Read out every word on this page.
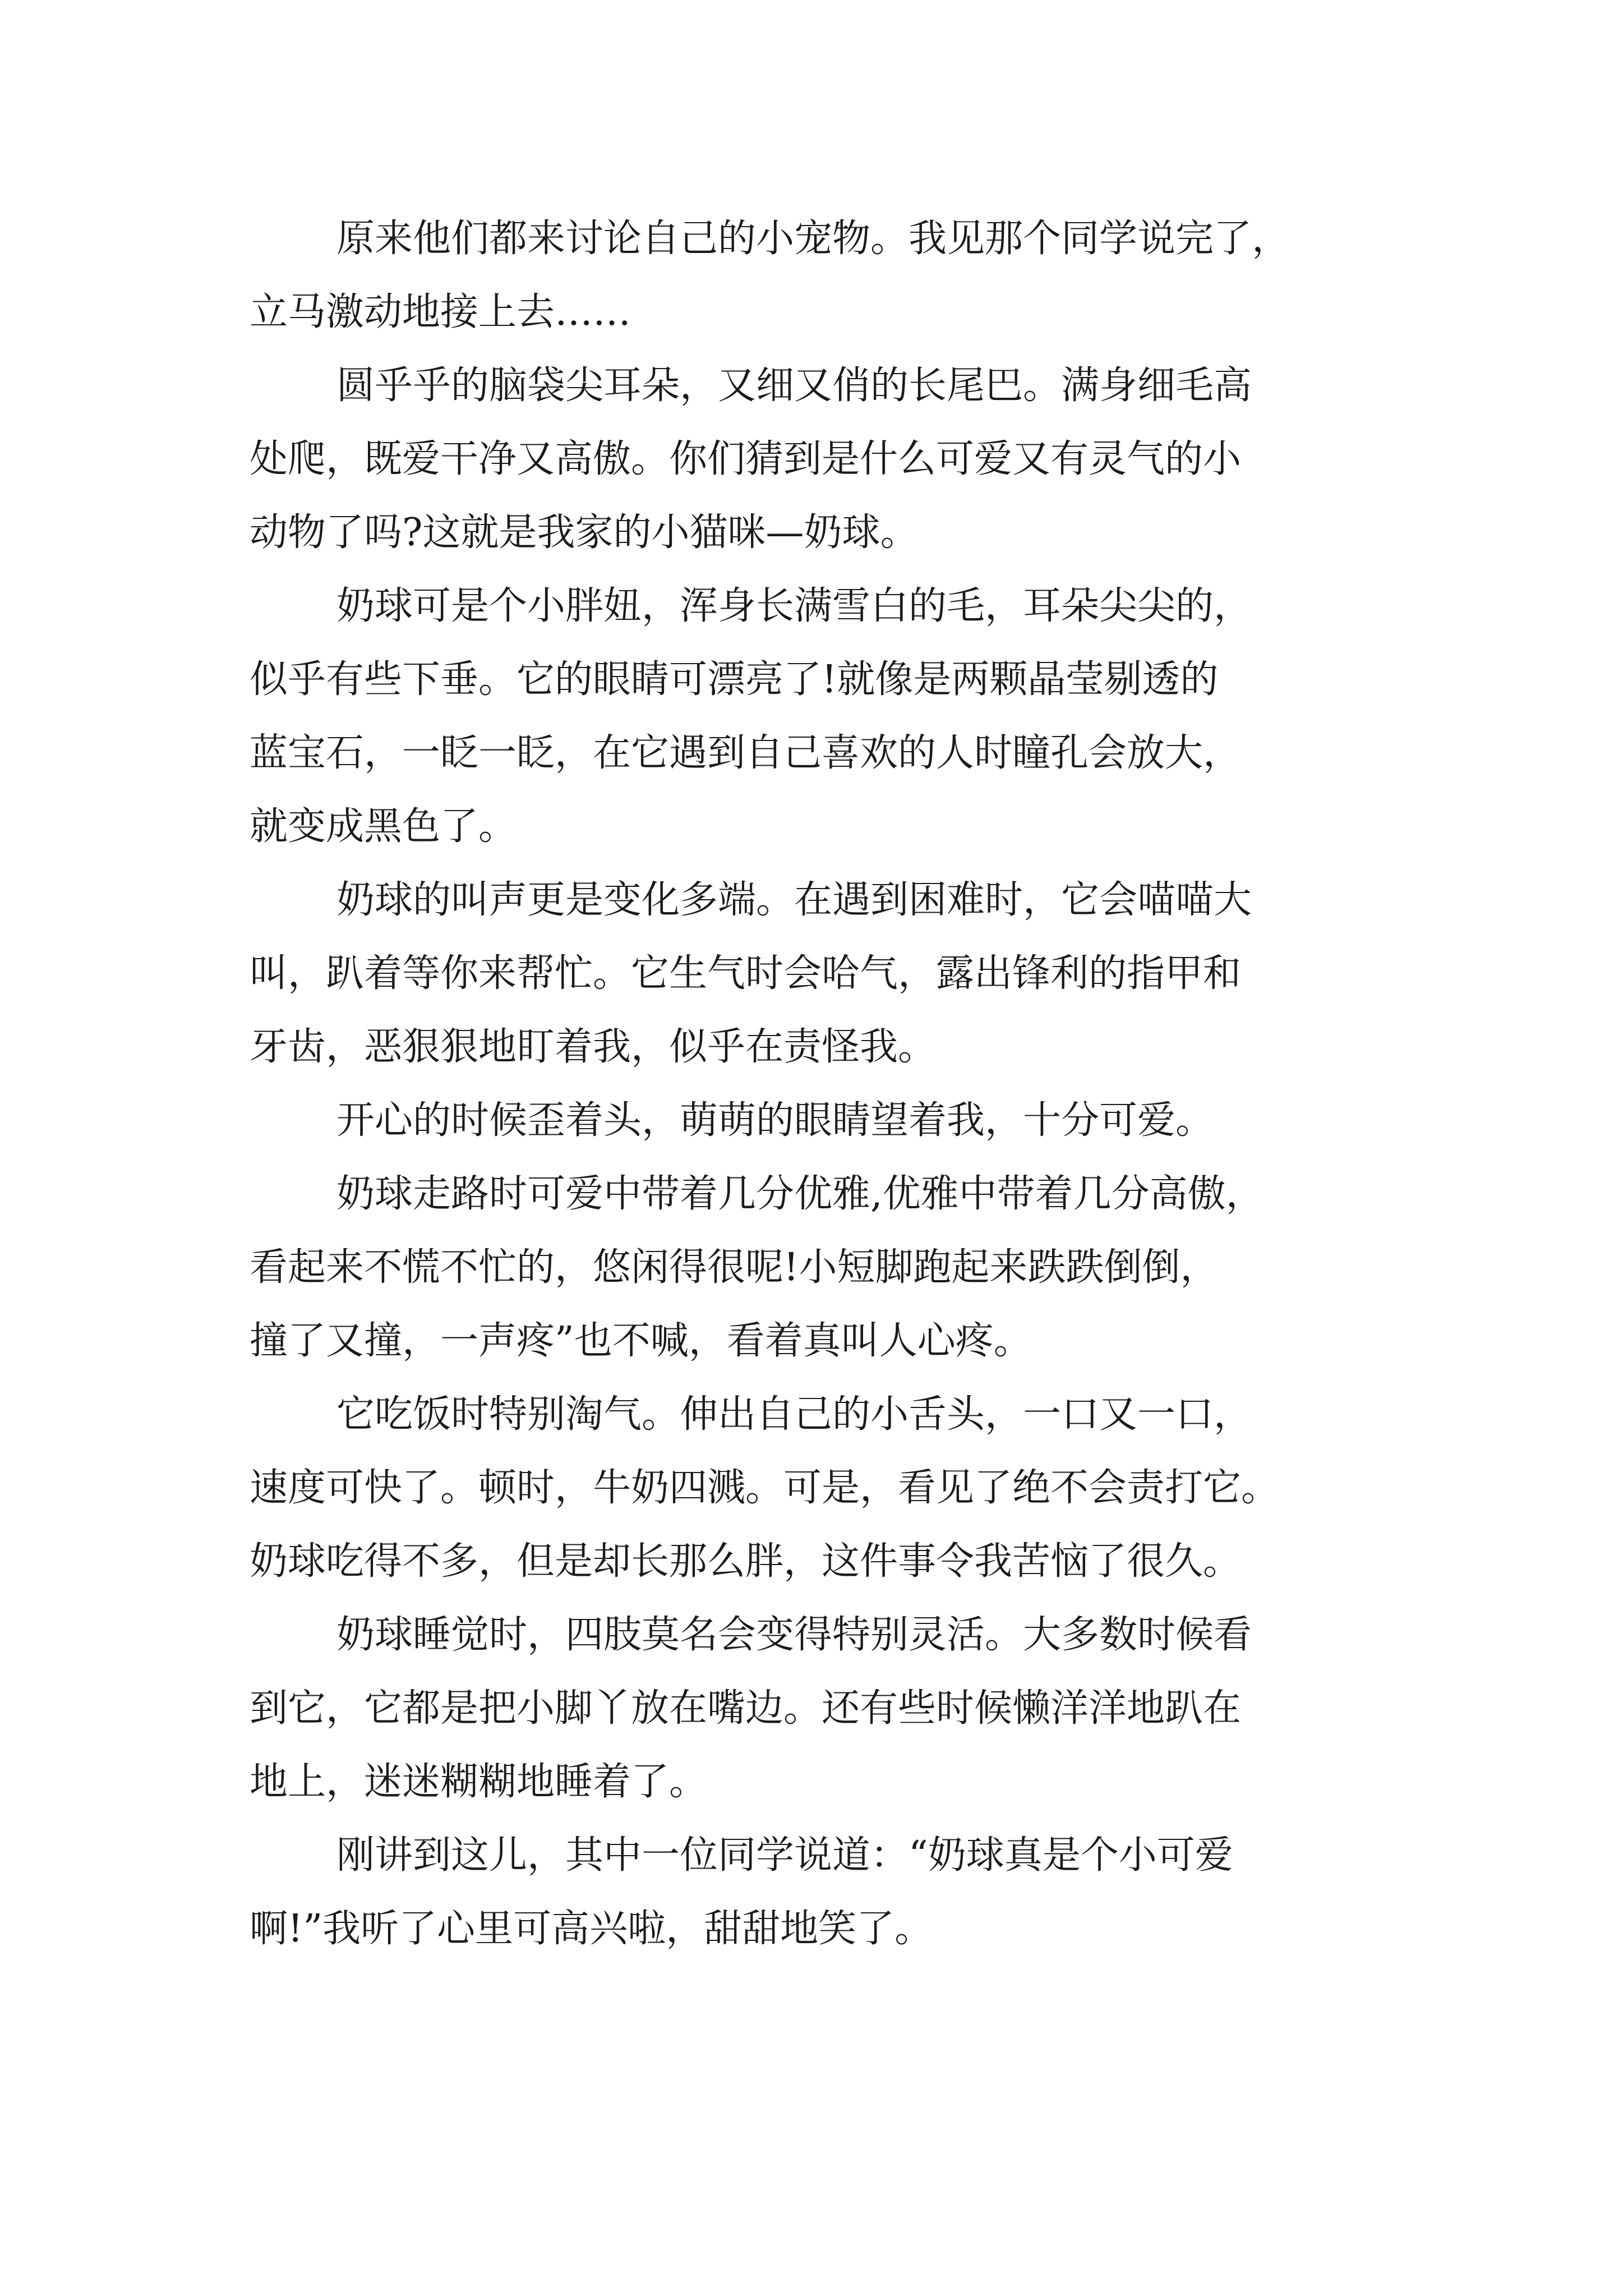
原来他们都来讨论自己的小宠物。我见那个同学说完了，
立马激动地接上去……
圆乎乎的脑袋尖耳朵，又细又俏的长尾巴。满身细毛高
处爬，既爱干净又高傲。你们猜到是什么可爱又有灵气的小
动物了吗?这就是我家的小猫咪—奶球。
奶球可是个小胖妞，浑身长满雪白的毛，耳朵尖尖的，
似乎有些下垂。它的眼睛可漂亮了!就像是两颗晶莹剔透的
蓝宝石，一眨一眨，在它遇到自己喜欢的人时瞳孔会放大，
就变成黑色了。
奶球的叫声更是变化多端。在遇到困难时，它会喵喵大
叫，趴着等你来帮忙。它生气时会哈气，露出锋利的指甲和
牙齿，恶狠狠地盯着我，似乎在责怪我。
开心的时候歪着头，萌萌的眼睛望着我，十分可爱。
奶球走路时可爱中带着几分优雅,优雅中带着几分高傲，
看起来不慌不忙的，悠闲得很呢!小短脚跑起来跌跌倒倒，
撞了又撞，一声疼”也不喊，看着真叫人心疼。
它吃饭时特别淘气。伸出自己的小舌头，一口又一口，
速度可快了。顿时，牛奶四溅。可是，看见了绝不会责打它。
奶球吃得不多，但是却长那么胖，这件事令我苦恼了很久。
奶球睡觉时，四肢莫名会变得特别灵活。大多数时候看
到它，它都是把小脚丫放在嘴边。还有些时候懒洋洋地趴在
地上，迷迷糊糊地睡着了。
刚讲到这儿，其中一位同学说道：“奶球真是个小可爱
啊!”我听了心里可高兴啦，甜甜地笑了。
